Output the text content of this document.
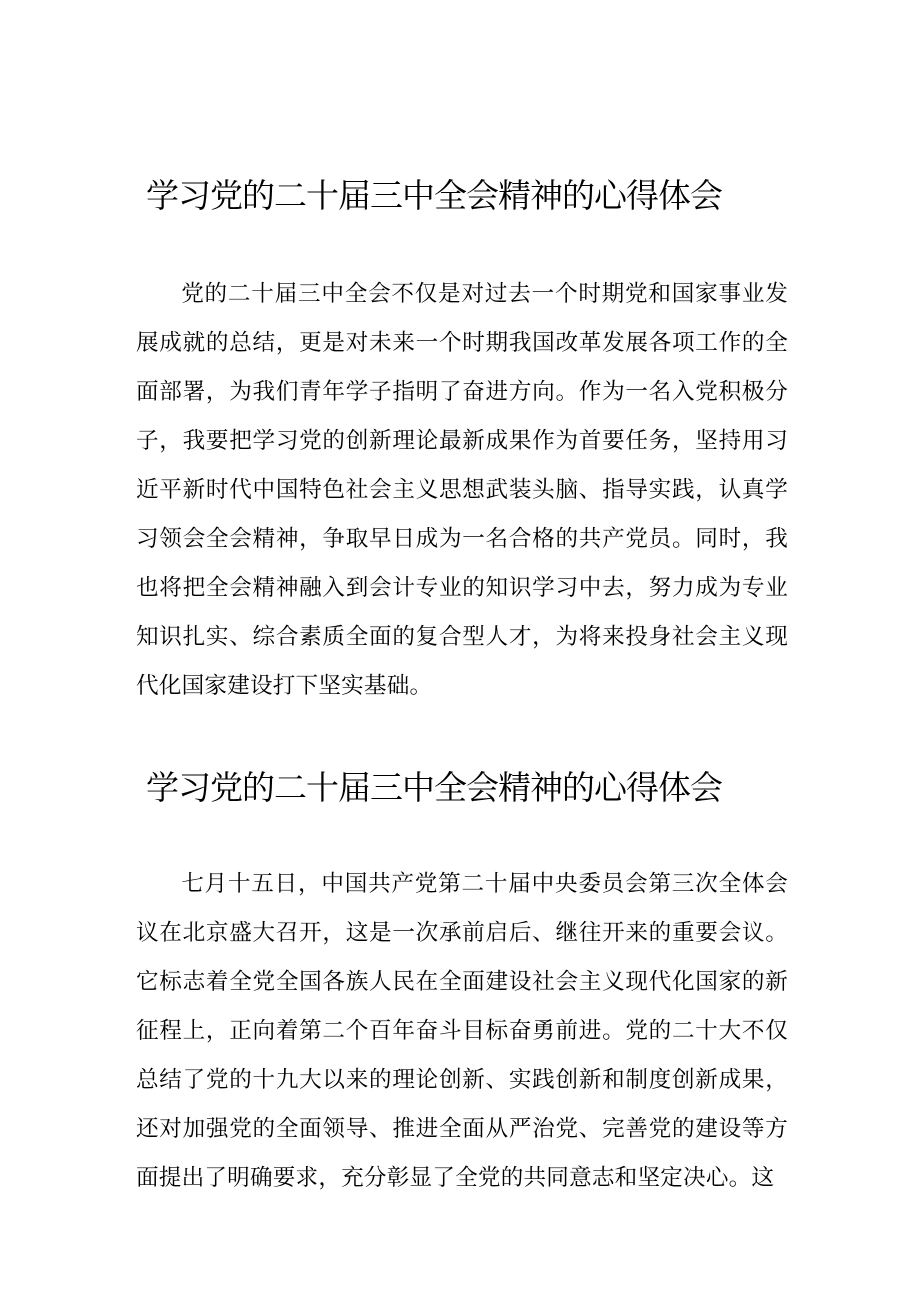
学习党的二十届三中全会精神的心得体会

党的二十届三中全会不仅是对过去一个时期党和国家事业发展成就的总结，更是对未来一个时期我国改革发展各项工作的全面部署，为我们青年学子指明了奋进方向。作为一名入党积极分子，我要把学习党的创新理论最新成果作为首要任务，坚持用习近平新时代中国特色社会主义思想武装头脑、指导实践，认真学习领会全会精神，争取早日成为一名合格的共产党员。同时，我也将把全会精神融入到会计专业的知识学习中去，努力成为专业知识扎实、综合素质全面的复合型人才，为将来投身社会主义现代化国家建设打下坚实基础。

学习党的二十届三中全会精神的心得体会

七月十五日，中国共产党第二十届中央委员会第三次全体会议在北京盛大召开，这是一次承前启后、继往开来的重要会议。它标志着全党全国各族人民在全面建设社会主义现代化国家的新征程上，正向着第二个百年奋斗目标奋勇前进。党的二十大不仅总结了党的十九大以来的理论创新、实践创新和制度创新成果，还对加强党的全面领导、推进全面从严治党、完善党的建设等方面提出了明确要求，充分彰显了全党的共同意志和坚定决心。这
